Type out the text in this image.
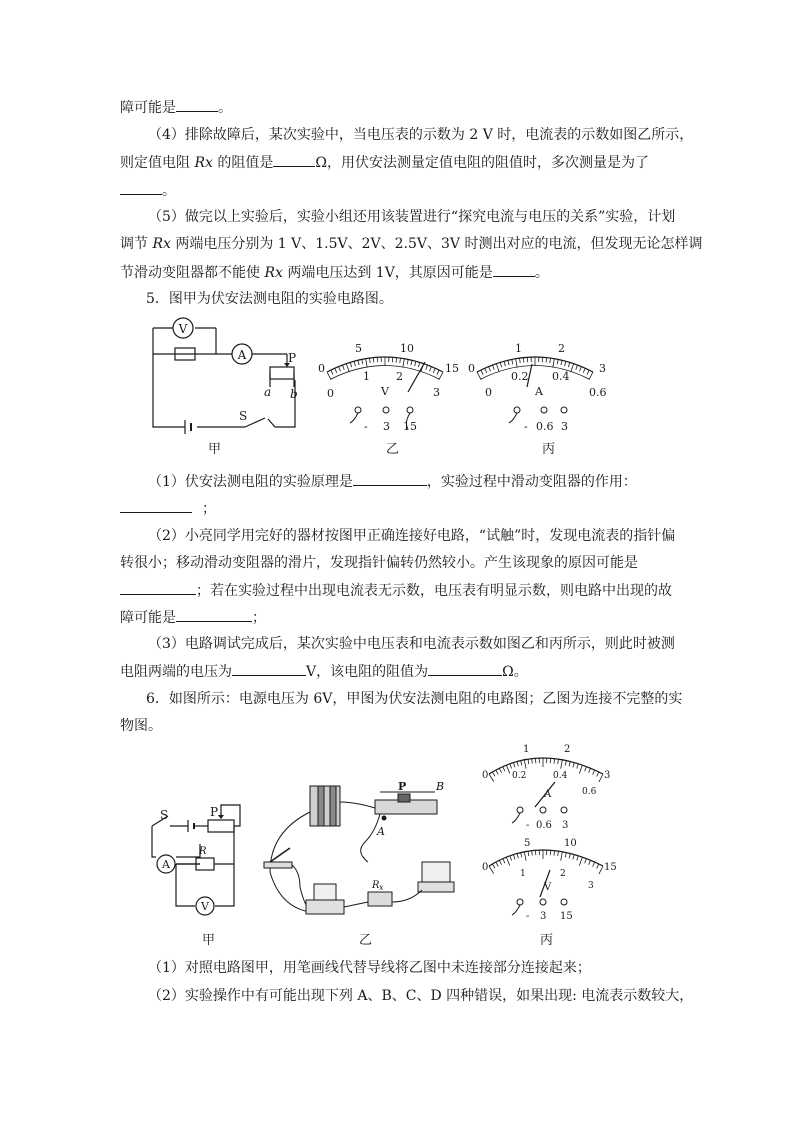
障可能是	。
（4）排除故障后，某次实验中，当电压表的示数为 2 V 时，电流表的示数如图乙所示，
则定值电阻 Rx 的阻值是	Ω，用伏安法测量定值电阻的阻值时，多次测量是为了
。
（5）做完以上实验后，实验小组还用该装置进行“探究电流与电压的关系”实验，计划
调节 Rx 两端电压分别为 1 V、1.5V、2V、2.5V、3V 时测出对应的电流，但发现无论怎样调
节滑动变阻器都不能使 Rx 两端电压达到 1V，其原因可能是	。
5．图甲为伏安法测电阻的实验电路图。
V
A	P
a b
S
甲
0
5	10
15
0
1 2
3
V
- 3 15
乙
0
1	2
3
0
0.2 0.4
0.6
A
- 0.6 3
丙
（1）伏安法测电阻的实验原理是	，实验过程中滑动变阻器的作用：
；
（2）小亮同学用完好的器材按图甲正确连接好电路，“试触”时，发现电流表的指针偏
转很小；移动滑动变阻器的滑片，发现指针偏转仍然较小。产生该现象的原因可能是
；若在实验过程中出现电流表无示数，电压表有明显示数，则电路中出现的故
障可能是	；
（3）电路调试完成后，某次实验中电压表和电流表示数如图乙和丙所示，则此时被测
电阻两端的电压为	V，该电阻的阻值为	Ω。
6．如图所示：电源电压为 6V，甲图为伏安法测电阻的电路图；乙图为连接不完整的实
物图。
P
S
A
R
V
甲
P	B
A
R x
乙
0
1	2
3
0.2	0.4
0.6
A
- 0.6 3
0
5	10
15
1	2
3
V
- 3 15
丙
（1）对照电路图甲，用笔画线代替导线将乙图中未连接部分连接起来；
（2）实验操作中有可能出现下列 A、B、C、D 四种错误，如果出现: 电流表示数较大，
